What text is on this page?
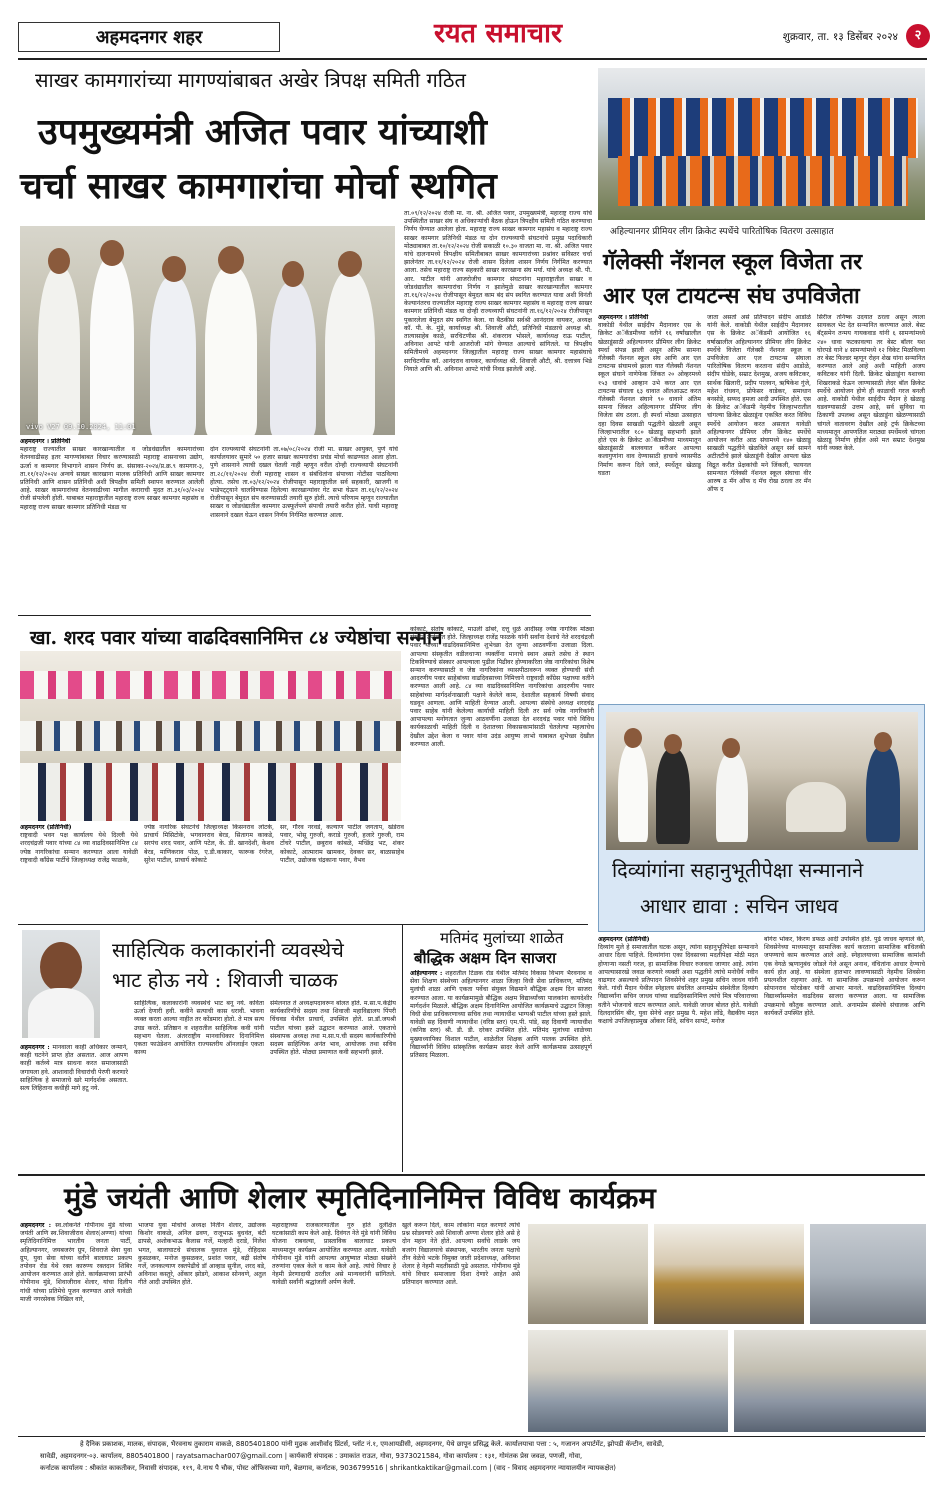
अहमदनगर शहर	रयत समाचार	शुक्रवार, ता. १३ डिसेंबर २०२४	२
साखर कामगारांच्या मागण्यांबाबत अखेर त्रिपक्ष समिती गठित
उपमुख्यमंत्री अजित पवार यांच्याशी
चर्चा साखर कामगारांचा मोर्चा स्थगित
vivo V27 09.10.2024, 11:01
अहमदनगर । प्रतिनिधी
महाराष्ट्र राज्यातील साखर कारखान्यातील व जोडधंद्यातील कामगारांच्या वेतनवाढीसह इतर मागण्यांबाबत विचार करण्यासाठी महाराष्ट्र शासनाच्या उद्योग, ऊर्जा व कामगार विभागाने शासन निर्णय क्र. संसाका-२०२४/प्र.क्र.९ कामगार-३, ता.११/१२/२०२४ अन्वये साखर कारखाना मालक प्रतिनिधी आणि साखर कामगार प्रतिनिधी आणि शासन प्रतिनिधी अशी त्रिपक्षीय समिती स्थापन करण्यात आलेली आहे. साखर कामगारांच्या वेतनवाढीच्या मागील कराराची मुदत ता.३१/०३/२०२४ रोजी संपलेली होती. याबाबत महाराष्ट्रातील महाराष्ट्र राज्य साखर कामगार महासंघ व महाराष्ट्र राज्य साखर कामगार प्रतिनिधी मंडळ या
दोन राज्यव्यापी संघटनांनी ता.०७/०८/२०२४ रोजी मा. साखर आयुक्त, पुणे यांचे कार्यालयावर सुमारे ५० हजार साखर कामगारांचा प्रचंड मोर्चा काढण्यात आला होता. पुणे शासनाने त्याची दखल घेतली नाही म्हणून वरील दोन्ही राज्यव्यापी संघटनांनी ता.२८/११/२०२४ रोजी महाराष्ट्र शासन व संबंधितांना संपाच्या नोटीसा पाठविल्या होत्या. तसेच ता.०३/१२/२०२४ रोजीपासून महाराष्ट्रातील सर्व सहकारी, खाजगी व भाडेपट्ट्याने चालविण्यास दिलेल्या कारखान्यांवर गेट सभा घेऊन ता.१६/१२/२०२४ रोजीपासून बेमुदत संप करण्यासाठी तयारी सुरु होती. त्याचे परिणाम म्हणून राज्यातील साखर व जोडधंद्यातील कामगार उत्स्फूर्तपणे संपाची तयारी करीत होते. याची महाराष्ट्र शासनाने दखल घेऊन शासन निर्णय निर्गमित करण्यात आला.
ता.०९/१२/२०२४ रोजी मा. ना. श्री. अजित पवार, उपमुख्यमंत्री, महाराष्ट्र राज्य यांचे उपस्थितीत साखर संघ व अधिकाऱ्यांची बैठक होऊन त्रिपक्षीय समिती गठित करण्याचा निर्णय घेण्यात आलेला होता. महाराष्ट्र राज्य साखर कामगार महासंघ व महाराष्ट्र राज्य साखर कामगार प्रतिनिधी मंडळ या दोन राज्यव्यापी संघटनांचे प्रमुख पदाधिकारी मोठ्याबाबत ता.१०/१२/२०२४ रोजी सकाळी १०.३० वाजता मा. ना. श्री. अजित पवार यांचे दालनामध्ये त्रिपक्षीय समितीबाबत साखर कामगारांच्या प्रश्नांवर सविस्तर चर्चा झालेनंतर ता.११/१२/२०२४ रोजी शासन दिलेला शासन निर्णय निर्गमित करण्यात आला. तसेच महाराष्ट्र राज्य सहकारी साखर कारखाना संघ मर्या. यांचे अध्यक्ष श्री. पी. आर. पाटील यांनी आजरोजीच कामगार संघटनांना महाराष्ट्रातील साखर व जोडधंद्यातील कामगारांचा निर्णय न झालेमुळे साखर कारखान्यातील कामगार ता.१६/१२/२०२४ रोजीपासून बेमुदत काम बंद संप स्थगित करण्यात यावा अशी विनंती केल्यानंतरच राज्यातील महाराष्ट्र राज्य साखर कामगार महासंघ व महाराष्ट्र राज्य साखर कामगार प्रतिनिधी मंडळ या दोन्ही राज्यव्यापी संघटनांनी ता.१६/१२/२०२४ रोजीपासून पुकारलेला बेमुदत संप स्थगित केला. या बैठकीस सर्वश्री आनंदराव वायकर, अध्यक्ष कॉ. पी. के. मुंडे, कार्याध्यक्ष श्री. शिवाजी औटी, प्रतिनिधी मंडळाचे अध्यक्ष श्री. तात्यासाहेब काळे, सरचिटणीस श्री. शंकरराव भोसले, कार्याध्यक्ष राऊ पाटील, अविनाश आपटे यांनी आजरोजी मांगे घेण्यात आल्याचे सांगितले. या त्रिपक्षीय समितीमध्ये अहमदनगर जिल्ह्यातील महाराष्ट्र राज्य साखर कामगार महासंघाचे सरचिटणीस कॉ. आनंदराव वायकर, कार्याध्यक्ष श्री. शिवाजी औटी, श्री. दत्तात्रय भिडे नियाते आणि श्री. अविनाश आपटे यांची निवड झालेली आहे.
अहिल्यानगर प्रीमियर लीग क्रिकेट स्पर्धेचे पारितोषिक वितरण उत्साहात
गॅलेक्सी नॅशनल स्कूल विजेता तर
आर एल टायटन्स संघ उपविजेता
अहमदनगर । प्रतिनिधी
वाकोडी येथील साईदीप मैदानावर एस के क्रिकेट अॅकॅडमीच्या वतीने १६ वर्षांखालील खेळाडूंसाठी अहिल्यानगर प्रीमियर लीग क्रिकेट स्पर्धा संपन्न झाली असून अंतिम सामना गॅलेक्सी नॅशनल स्कूल संघ आणि आर एल टायटन्स संघामध्ये झाला यात गॅलेक्सी नॅशनल स्कूल संघाने नाणेफेक जिंकत २० ओव्हरमध्ये १५३ धावांचे आव्हान उभे करत आर एल टायटन्स संघाला ६३ धावात ऑलआऊट करत गॅलेक्सी नॅशनल संघाने ९० धावाने अंतिम सामना जिंकत अहिल्यानगर प्रीमियर लीग विजेता संघ ठरला. ही स्पर्धा मोठ्या उत्साहात दहा दिवस साखळी पद्धतीने खेळली असून जिल्हाभरातील १८० खेळाडू सहभागी झाले होते एस के क्रिकेट अॅकॅडमीच्या माध्यमातून खेळाडूंसाठी बालवयात करीअर आपल्या कलागुणांना वाव देण्यासाठी हाचाचे व्यासपीठ निर्माण करून दिले जाते, स्पर्धेतून खेळाडू घडता
जाता असतो असे प्रतिपादन संदीप आडोळे यांनी केले. वाकोडी येथील साईदीप मैदानावर एस के क्रिकेट अॅकॅडमी आयोजित १६ वर्षाखालील अहिल्यानगर प्रीमियर लीग क्रिकेट स्पर्धेचे विजेता गॅलेक्सी नॅशनल स्कूल व उपविजेता आर एल टायटन्स संघाला पारितोषिक वितरण करताना संदीप आडोळे, संदीप घोडेके, सम्राट देशमुख, अजय कविटकर, सार्थक खिलारी, प्रदीप पालवन, ऋषिकेश गुंजे, महेश रांधवन, प्रोफेसर वाडेकर, समाधान बनसोडे, सय्यद हमजा आदी उपस्थित होते. एस के क्रिकेट अॅकॅडमी नेहमीच जिल्हाभरातील चांगल्या क्रिकेट खेळाडूंना एकत्रित करत विविध स्पर्धेचे आयोजन करत असतात यावेळी अहिल्यानगर प्रीमियर लीग क्रिकेट स्पर्धेचे आयोजन करीत आठ संघामध्ये १४० खेळाडू साखळी पद्धतीने खेळविले असून सर्व सामने अटीतटीचे झाले खेळाडूंनी देखील आपला खेळ विद्रूत करीत प्रेक्षकांची मने जिंकली, फायनल सामन्यात गॅलेक्सी नॅशनल स्कूल संघाचा वीर आरुष ढ मॅन ऑफ द मॅच रोख ठरला तर मॅन ऑफ द
सिरीज तनिष्क उदयात ठरला असून त्याला सायकल भेट देत सन्मानित करण्यात आले. बेस्ट बॅट्समेन तन्मय गायकवाड यांनी ६ सामन्यांमध्ये २४० धावा फटकावल्या तर बेस्ट बॉलर यश घोरपडे याने ४ सामन्यांमध्ये १२ विकेट मिळविल्या तर बेस्ट फिल्डर म्हणून रोहन शेख यांना सन्मानित करण्यात आले आहे अशी माहिती अजय कविटकर यांनी दिली. क्रिकेट खेळाडूंना यशाच्या शिखराकडे घेऊन जाण्यासाठी लेदर बॉल क्रिकेट स्पर्धेचे आयोजन होणे ही काळाची गरज बनली आहे. वाकोडी येथील साईदीप मैदान हे खेळाडू घडवण्यासाठी उत्तम आहे, सर्व सुविधा या ठिकाणी उपलब्ध असून खेळाडूंना खेळण्यासाठी चांगले वातावरण देखील आहे ट्रर्फ क्रिकेटच्या माध्यमातून आपणतिल मराठ्या स्पर्धेमध्ये चांगला खेळाडू निर्माण होईल असे मत सम्राट देशमुख यांनी व्यक्त केले.
खा. शरद पवार यांच्या वाढदिवसानिमित्त ८४ ज्येष्ठांचा सन्मान
अहमदनगर (प्रतिनिधी)
राष्ट्रवादी भवन पक्ष कार्यालय येथे दिल्ली येथे शरदचंद्रजी पवार यांच्या ८४ व्या वाढदिवसानिमित्त ८४ ज्येष्ठ नागरिकांचा सन्मान करण्यात आला यावेळी राष्ट्रवादी काँग्रेस पार्टीचे जिल्हाध्यक्ष राजेंद्र फाळके,
ज्येष्ठ नागरिक संघटनेचे जिल्हाध्यक्ष किसनराव लोटके, प्राचार्य मिसिटोके, भगवानराव बेरड, सितागम काकडे, सरपंच शरद पवार, आणि पटेल, के. डी. खानदेशी, केशव बेरड, माणिकराव पोळ, ए.डी.काकार, फारूक रंगरेज, सुरेश पाटील, प्राचार्य कोकाटे
सर, गौरव नरवडे, कल्याण पाटील जगताप, खंडेराव पवार, भोसू गुरुजी, कराडे गुरुजी, हजारे गुरुजी, राम टोंचरे पाटील, छबुराव कांबळे, मच्छिंद्र भट, शंकर कोकाटे, आत्माराम खामकर, देवकर सर, बाळासाहेब पाटील, उद्योजक चंद्रकाना पवार, वैभव
कोकाटे, संतोष कोकाटे, माउली ढोंबरे, दत्तू धुळे आदींसह ज्येष्ठ नागरिक मोठ्या संख्येने उपस्थित होते. जिल्हाध्यक्ष राजेंद्र फाळके यांनी सर्वांना देशाचे नेते शरदचंद्रजी पवार यांच्या वाढदिवसानिमित्त शुभेच्छा देत जुन्या आठवणींना उजाळा दिला. आपल्या संस्कृतीत वडीलधाऱ्या व्यक्तींना मानाचे स्थान असते तसेच ते स्थान टिकविण्याचे संस्कार आपल्याला पुढील पिढीवर होण्याकरिता जेष्ठ नागरिकांचा विशेष सन्मान करण्यासाठी व जेष्ठ नागरिकांना व्यासपीठावरून व्यक्त होण्याची संधी आदरणीय पवार साहेबांच्या वाढदिवसाच्या निमित्ताने राष्ट्रवादी काँग्रेस पक्षाच्या वतीने करण्यात आली आहे. ८४ व्या वाढदिवसानिमित्त नागरिकांचा आदरणीय पवार साहेबांच्या मार्गदर्शनाखाली पक्षाने केलेले काम, देशातील सहकार्य विषयी संवाद घडवून आणला. आणि माहिती देण्यात आली. आपल्या संस्थेचे अध्यक्ष शरदचंद्र पवार साहेब यांनी केलेल्या कार्याची माहिती दिली तर सर्व ज्येष्ठ नागरिकांनी आपापल्या मनोगतात जुन्या आठवणींना उजाळा देत शरदचंद्र पवार यांचे विविध कार्यकाळाची माहिती दिली व देशातच्या विकासकामांसाठी चेतलेल्या महत्वाचेच देखील उद्देश केला व पवार यांना उदंड आयुष्य लाभो याबाबत शुभेच्छा देखील करण्यात आली.
दिव्यांगांना सहानुभूतीपेक्षा सन्मानाने
आधार द्यावा : सचिन जाधव
अहमदनगर (प्रतिनिधी)
दिव्यांग मुले हे समाजातील घटक असून, त्यांना सहानुभूतिपेक्षा सन्मानाने आधार दिला पाहिजे. दिव्यांगांना एका दिवसाच्या मदतीपेक्षा मोठी मदत होणाऱ्या नसती गरज, हा सामाजिक विचार रुजवला जाणार आहे. त्यांना आपल्यासारखे जवळ करणारे व्यक्ती अशा पद्धतीने त्यांचे मनोधैर्य नवीन वाढणार असल्याचे प्रतिपादन शिवसेनेचे शहर प्रमुख सचिन जाधव यांनी केले. गांधी मैदान येथील स्नेहालय संचलित अनामप्रेम संस्थेतील दिव्यांग विद्यार्थ्यांना सचिन जाधव यांच्या वाढदिवसानिमित्त त्यांचे मित्र परिवाराच्या वतीने भोजनाचे वाटप करण्यात आले. यावेळी जाधव बोलत होते. यावेळी दिलदारसिंग बीर, युवा सेनेचे शहर प्रमुख पै. महेश लोंढे, वैद्यकीय मदत कक्षाचे उपजिल्हाप्रमुख ओंकार शिंदे, सचिन सापटे, मनोज
बोगेरा भोकर, किरण डफळ आदी उपस्थित होते. पुढे जाधव म्हणाले की, शिवसेनेच्या माध्यमातून सामाजिक कार्य करताना सामाजिक बांधिलकी जपण्याचे काम करण्यात आले आहे. स्नेहालयाच्या सामाजिक कामांशी एक वेगळे ऋणानुबंध जोडले गेले असून अनाथ, वंचितांना आधार देण्याचे कार्य होत आहे. या संस्थेला हातभार लावण्यासाठी नेहमीच शिवसेना प्रयत्नशील राहणार आहे. या सामाजिक उपक्रमाचे आयोजन करून सोपानराव फोरडेकर यांनी आभार मानले. वाढदिवसानिमित्त दिव्यांग विद्यार्थ्यांसमवेत वाढदिवस साजरा करण्यात आला. या सामाजिक उपक्रमाचे कौतुक करण्यात आले. अनामप्रेम संस्थेचे संचालक आणि कार्यकर्ते उपस्थित होते.
साहित्यिक कलाकारांनी व्यवस्थेचे
भाट होऊ नये : शिवाजी चाळक
अहमदनगर : मानवाला काही अधिकार जन्माने, काही घटनेने प्राप्त होत असतात. आज आपण काही कर्तव्ये मात्र साधना करत समाजासाठी जगायला हवे. आशावादी विचारांची पेरणी करणारे साहित्यिक हे समाजाचे खरे मार्गदर्शक असतात. सत्य लिहिताना कधीही मागे हटू नये.
साहित्यिक, कलाकारांनी व्यवस्थेचे भाट बनू नये. कविता ऊर्जा देणारी हवी. कवीने सत्याची कास धरावी. भावना व्यक्त करता आल्या नाहीत तर कोंडमारा होतो. ते मात्र सत्य उघड करते. प्रतिष्ठान व शहरातील साहित्यिक कवी यांनी सहभाग घेतला. अंतरराष्ट्रीय मानवाधिकार दिनानिमित्त एकता फाउंडेशन आयोजित राज्यस्तरीय ऑनलाईन एकता काव्य
संमेलनात ते अध्यक्षपदावरून बोलत होते. म.सा.प.केंद्रीय कार्यकारिणीचे सदस्य तथा शिवाजी महाविद्यालय पिंपरी चिंचवड येथील प्राचार्य, उपस्थित होते. प्रा.डॉ.जयश्री पाटील यांच्या हस्ते उद्घाटन करण्यात आले. एकताचे संस्थापक अध्यक्ष तथा म.सा.प.ची सदस्य कार्यकारिणीचे सदस्य साहित्यिक अनंत भाव, आयोजक तथा सचिव उपस्थित होते. मोठ्या प्रमाणात कवी सहभागी झाले.
मतिमंद मुलांच्या शाळेत
बौद्धिक अक्षम दिन साजरा
अहिल्यानगर : शहरातील टिळक रोड येथील मतिमंद विकास विभाग भैरवनाथ व सेवा शिक्षण संस्थेच्या अहिल्यानगर शाळा जिल्हा विधी सेवा प्राधिकरण, मतिमंद मुलांची शाळा आणि एकता पर्वेचा संयुक्त विद्यमाने बौद्धिक अक्षम दिन साजरा करण्यात आला. या कार्यक्रमामुळे बौद्धिक अक्षम विद्यार्थ्यांच्या पालकांना कायदेशीर मार्गदर्शन मिळाले. बौद्धिक अक्षम दिनानिमित्त आयोजित कार्यक्रमाचे उद्घाटन जिल्हा विधी सेवा प्राधिकरणाच्या सचिव तथा न्यायाधीश भाग्यश्री पाटील यांच्या हस्ते झाले. यावेळी सह दिवाणी न्यायाधीश (वरिष्ठ स्तर) एम.पी. पांडे, सह दिवाणी न्यायाधीश (कनिष्ठ स्तर) श्री. डी. डी. दरेकर उपस्थित होते. मतिमंद मुलांच्या शाळेच्या मुख्याध्यापिका विशाल पाटील, शाळेतील शिक्षक आणि पालक उपस्थित होते. विद्यार्थ्यांनी विविध सांस्कृतिक कार्यक्रम सादर केले आणि कार्यक्रमास उत्साहपूर्ण प्रतिसाद मिळाला.
मुंडे जयंती आणि शेलार स्मृतिदिनानिमित्त विविध कार्यक्रम
अहमदनगर : स्व.लोकनेते गोपीनाथ मुंडे यांच्या जयंती आणि स्व.शिवाजीराव शेलार(अण्णा) यांच्या स्मृतिदिनानिमित्त भारतीय जनता पार्टी, अहिल्यानगर, जयबजरंग ग्रुप, शिवराजे सेवा युवा ग्रुप, युवा सेवा यांच्या वतीने बालाघाट प्रकल्प तपोवन रोड येथे रक्त कारुण्य रक्तदान शिबिर आयोजन करण्यात आले होते. कार्यक्रमाच्या प्रारंभी गोपीनाथ मुंडे, शिवाजीराव शेलार, यांचा दिलीप गांधी यांच्या प्रतिमेचे पूजन करण्यात आले यावेळी माजी नगरसेवक निखिल वारे,
भाजपा युवा मोर्चाचे अध्यक्ष नितीन शेलार, उद्योजक किशोर वाकळे, अनिल ढवण, राजूभाऊ बुधवंत, बंटी ढापसे, अशोकभाऊ कैलास गर्जे, मल्हारी दराडे, निलेश भगत, बालाघाटचे संचालक युवराज मुंडे, रोहिदास कुसळकर, मनोज कुसळकर, प्रशांत पवार, बद्री संतोष गर्जे, जनकल्याण रक्तपेढीचे डॉ आव्हाड सुनील, शरद बडे, अविनाश कस्तुरे, ओंकार झोडगे, आकाश सोनवणे, अतुल गीते आदी उपस्थित होते.
महाराष्ट्राच्या राजकारणातील गुरु होते दुर्लक्षित घटकांसाठी काम केले आहे. दिवंगत नेते मुंडे यांनी विविध योजना राबवल्या, प्रास्ताविक बालाघाट प्रकल्प माध्यमातून कार्यक्रम आयोजित करण्यात आला. यावेळी गोपीनाथ मुंडे यांनी आपल्या आयुष्यात मोठ्या संख्येने तरुणांना एकत्र केले व काम केले आहे. त्यांचे विचार हे नेहमी प्रेरणादायी ठरतील असे मान्यवरांनी सांगितले. यावेळी सर्वांनी श्रद्धांजली अर्पण केली.
खुले करून दिले, काम लोकांना मदत करणारे त्यांचे प्रश्न सोडवणारे असे शिवाजी अण्णा शेलार होते असे हे दोन महान नेते होते. आपल्या सर्वांचे लाडके जय बजरंग विद्यालयाचे संस्थापक, भारतीय जनता पक्षाचे तीन वेळेचे भटके विमुक्त जाती प्रदेशाध्यक्ष, अविनाश शेलार हे नेहमी मदतीसाठी पुढे असतात. गोपीनाथ मुंडे यांचे विचार समाजाला दिशा देणारे आहेत असे प्रतिपादन करण्यात आले.
हे दैनिक प्रकाशक, मालक, संपादक, भैरवनाथ तुकाराम वाकळे, 8805401800 यांनी मुद्रक आशीर्वाद प्रिंटर्स, प्लॉट नं.१, एमआयडीसी, अहमदनगर, येथे छापून प्रसिद्ध केले. कार्यालयाचा पत्ता : ५, गजानन अपार्टमेंट, झोपडी कॅन्टीन, सावेडी,
सावेडी, अहमदनगर-०३. कार्यालय, 8805401800 | rayatsamachar007@gmail.com | कार्यकारी संपादक : उमाकांत राऊत, गोवा, 9373021584, गोवा कार्यालय : १३१, गोमंतक प्रेस जवळ, पणजी, गोवा,
कर्नाटक कार्यालय : श्रीकांत काकतीकर, निवासी संपादक, ११९, वे.नाथ पै चौक, पोस्ट ऑफिसच्या मागे, बेळगाव, कर्नाटक, 9036799516 | shrikantkaktikar@gmail.com | (वाद - विवाद अहमदनगर न्यायालयीन न्यायकक्षेत)
